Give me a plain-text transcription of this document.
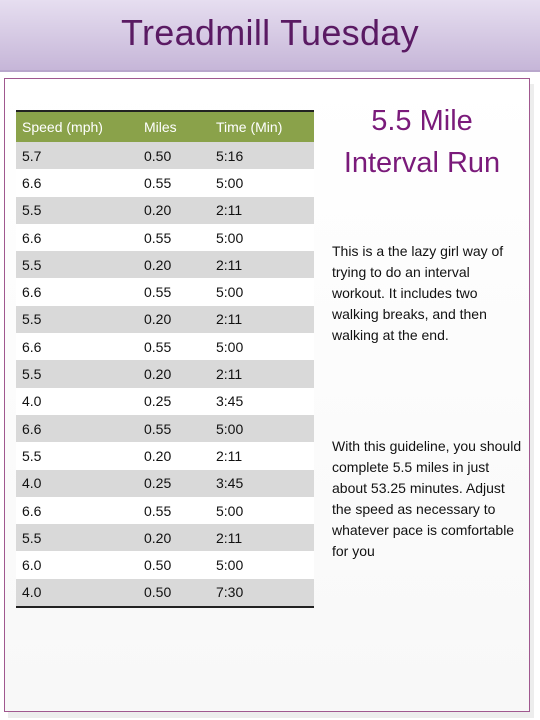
Treadmill Tuesday
Speed (mph)	Miles	Time (Min)
5.7	0.50	5:16
6.6	0.55	5:00
5.5	0.20	2:11
6.6	0.55	5:00
5.5	0.20	2:11
6.6	0.55	5:00
5.5	0.20	2:11
6.6	0.55	5:00
5.5	0.20	2:11
4.0	0.25	3:45
6.6	0.55	5:00
5.5	0.20	2:11
4.0	0.25	3:45
6.6	0.55	5:00
5.5	0.20	2:11
6.0	0.50	5:00
4.0	0.50	7:30
5.5 Mile
Interval Run
This is a the lazy girl way of trying to do an interval workout. It includes two walking breaks, and then walking at the end.
With this guideline, you should complete 5.5 miles in just about 53.25 minutes. Adjust the speed as necessary to whatever pace is comfortable for you
